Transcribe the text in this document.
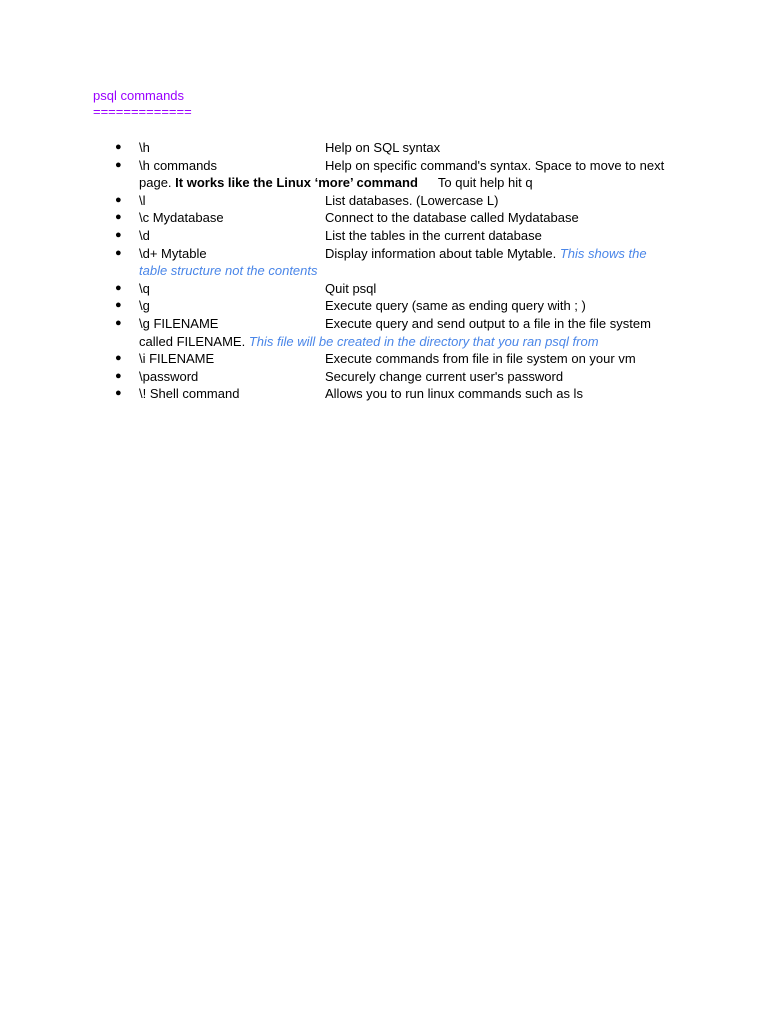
psql commands
=============
● \h	Help on SQL syntax
● \h commands	Help on specific command's syntax. Space to move to next page. It works like the Linux ‘more’ command To quit help hit q
● \l	List databases. (Lowercase L)
● \c Mydatabase	Connect to the database called Mydatabase
● \d	List the tables in the current database
● \d+ Mytable	Display information about table Mytable. This shows the table structure not the contents
● \q	Quit psql
● \g	Execute query (same as ending query with ; )
● \g FILENAME	Execute query and send output to a file in the file system called FILENAME. This file will be created in the directory that you ran psql from
● \i FILENAME	Execute commands from file in file system on your vm
● \password	Securely change current user's password
● \! Shell command	Allows you to run linux commands such as ls
